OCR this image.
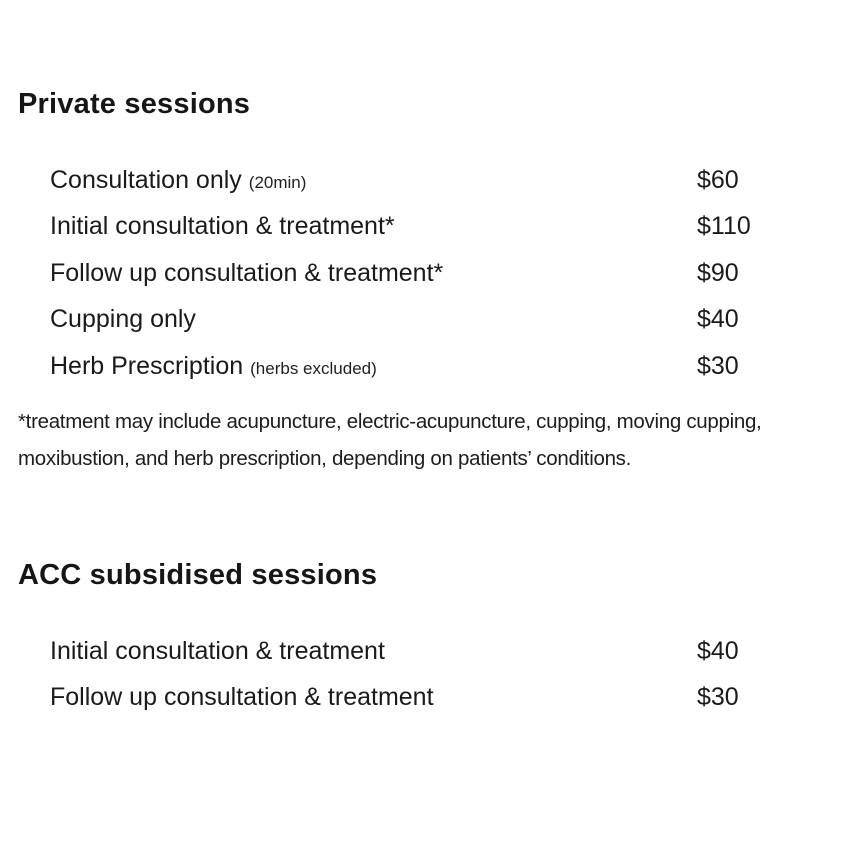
Private sessions
Consultation only (20min)	$60
Initial consultation & treatment*	$110
Follow up consultation & treatment*	$90
Cupping only	$40
Herb Prescription (herbs excluded)	$30

*treatment may include acupuncture, electric-acupuncture, cupping, moving cupping,

moxibustion, and herb prescription, depending on patients’ conditions.

ACC subsidised sessions
Initial consultation & treatment	$40
Follow up consultation & treatment	$30
